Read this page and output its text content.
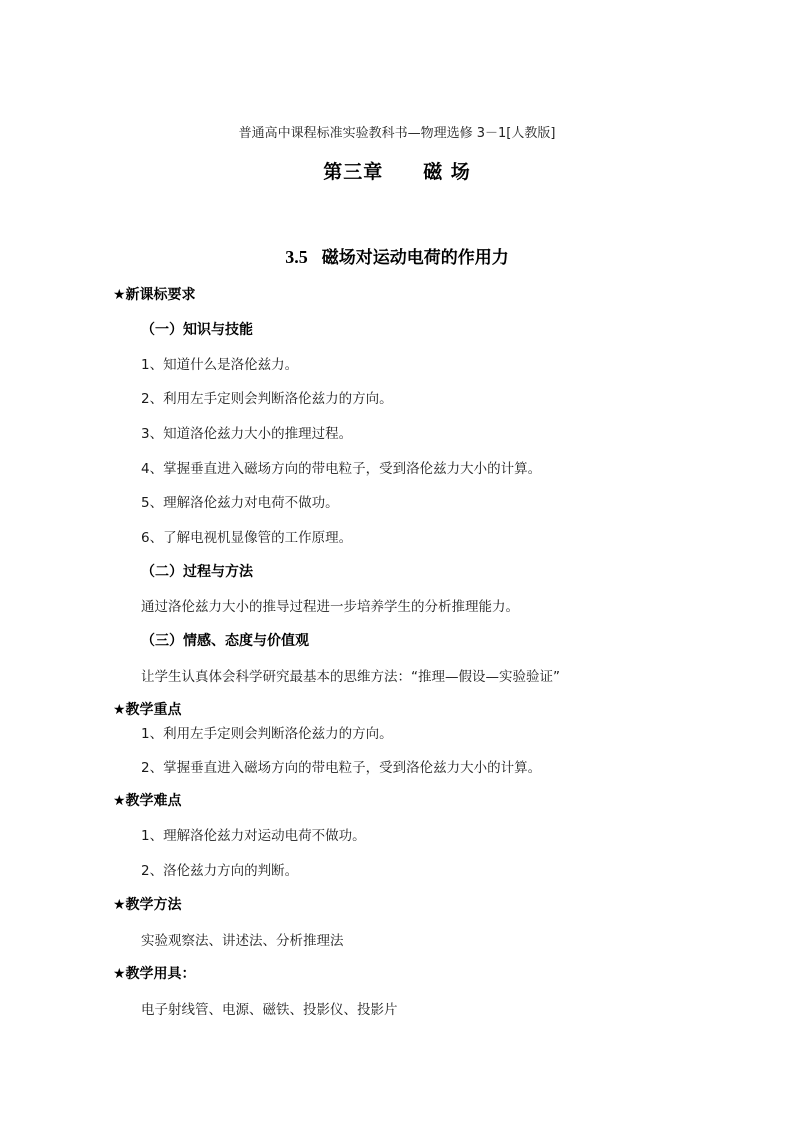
普通高中课程标准实验教科书—物理选修 3－1[人教版]
第三章　　磁 场
3.5 磁场对运动电荷的作用力
★新课标要求
（一）知识与技能
1、知道什么是洛伦兹力。
2、利用左手定则会判断洛伦兹力的方向。
3、知道洛伦兹力大小的推理过程。
4、掌握垂直进入磁场方向的带电粒子，受到洛伦兹力大小的计算。
5、理解洛伦兹力对电荷不做功。
6、了解电视机显像管的工作原理。
（二）过程与方法
通过洛伦兹力大小的推导过程进一步培养学生的分析推理能力。
（三）情感、态度与价值观
让学生认真体会科学研究最基本的思维方法：“推理—假设—实验验证”
★教学重点
1、利用左手定则会判断洛伦兹力的方向。
2、掌握垂直进入磁场方向的带电粒子，受到洛伦兹力大小的计算。
★教学难点
1、理解洛伦兹力对运动电荷不做功。
2、洛伦兹力方向的判断。
★教学方法
实验观察法、讲述法、分析推理法
★教学用具：
电子射线管、电源、磁铁、投影仪、投影片
